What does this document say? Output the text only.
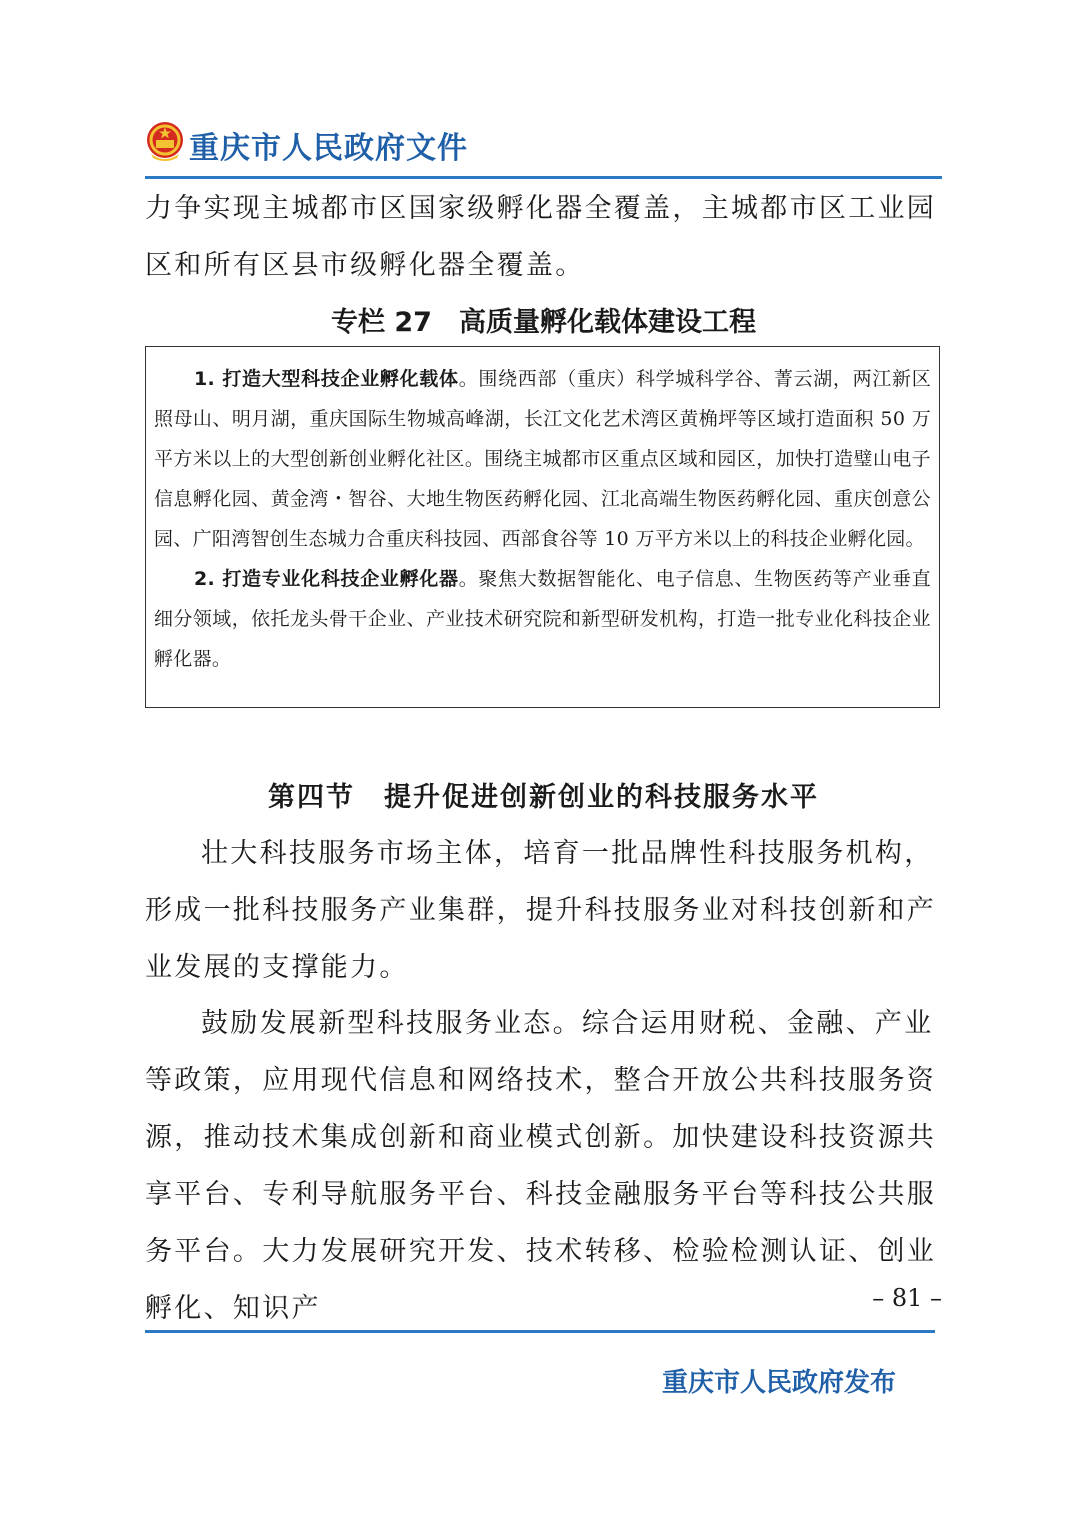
重庆市人民政府文件
力争实现主城都市区国家级孵化器全覆盖，主城都市区工业园区和所有区县市级孵化器全覆盖。
专栏 27　高质量孵化载体建设工程

1. 打造大型科技企业孵化载体。围绕西部（重庆）科学城科学谷、菁云湖，两江新区照母山、明月湖，重庆国际生物城高峰湖，长江文化艺术湾区黄桷坪等区域打造面积 50 万平方米以上的大型创新创业孵化社区。围绕主城都市区重点区域和园区，加快打造璧山电子信息孵化园、黄金湾・智谷、大地生物医药孵化园、江北高端生物医药孵化园、重庆创意公园、广阳湾智创生态城力合重庆科技园、西部食谷等 10 万平方米以上的科技企业孵化园。

2. 打造专业化科技企业孵化器。聚焦大数据智能化、电子信息、生物医药等产业垂直细分领域，依托龙头骨干企业、产业技术研究院和新型研发机构，打造一批专业化科技企业孵化器。

第四节　提升促进创新创业的科技服务水平
壮大科技服务市场主体，培育一批品牌性科技服务机构，形成一批科技服务产业集群，提升科技服务业对科技创新和产业发展的支撑能力。
鼓励发展新型科技服务业态。综合运用财税、金融、产业等政策，应用现代信息和网络技术，整合开放公共科技服务资源，推动技术集成创新和商业模式创新。加快建设科技资源共享平台、专利导航服务平台、科技金融服务平台等科技公共服务平台。大力发展研究开发、技术转移、检验检测认证、创业孵化、知识产	– 81 –
重庆市人民政府发布
